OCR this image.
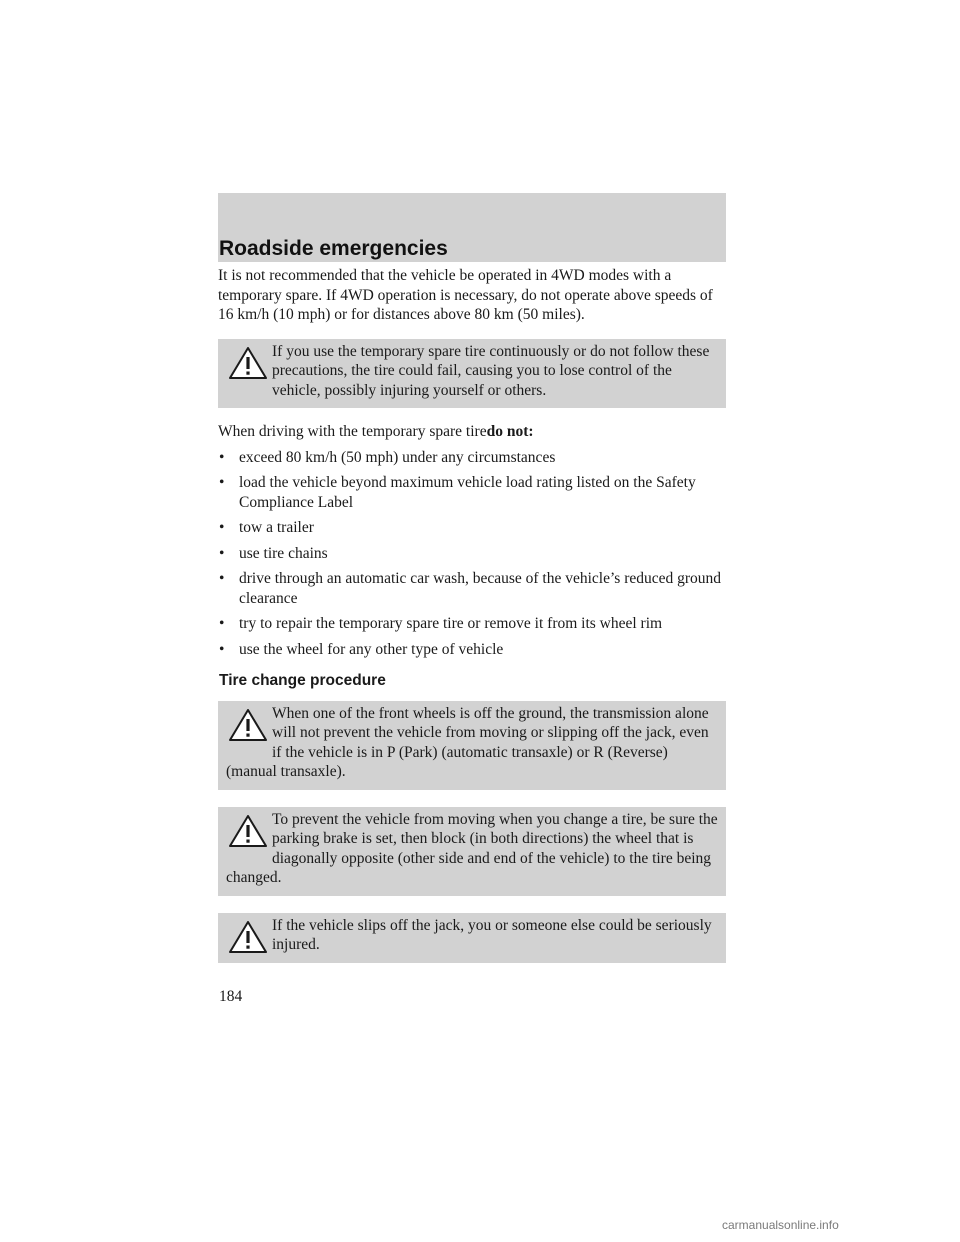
Roadside emergencies

It is not recommended that the vehicle be operated in 4WD modes with a temporary spare. If 4WD operation is necessary, do not operate above speeds of 16 km/h (10 mph) or for distances above 80 km (50 miles).

If you use the temporary spare tire continuously or do not follow these precautions, the tire could fail, causing you to lose control of the vehicle, possibly injuring yourself or others.

When driving with the temporary spare tiredo not:

• exceed 80 km/h (50 mph) under any circumstances
• load the vehicle beyond maximum vehicle load rating listed on the Safety Compliance Label
• tow a trailer
• use tire chains
• drive through an automatic car wash, because of the vehicle’s reduced ground clearance
• try to repair the temporary spare tire or remove it from its wheel rim
• use the wheel for any other type of vehicle
Tire change procedure

When one of the front wheels is off the ground, the transmission alone will not prevent the vehicle from moving or slipping off the jack, even if the vehicle is in P (Park) (automatic transaxle) or R (Reverse) (manual transaxle).

To prevent the vehicle from moving when you change a tire, be sure the parking brake is set, then block (in both directions) the wheel that is diagonally opposite (other side and end of the vehicle) to the tire being changed.

If the vehicle slips off the jack, you or someone else could be seriously injured.

184
carmanualsonline.info
